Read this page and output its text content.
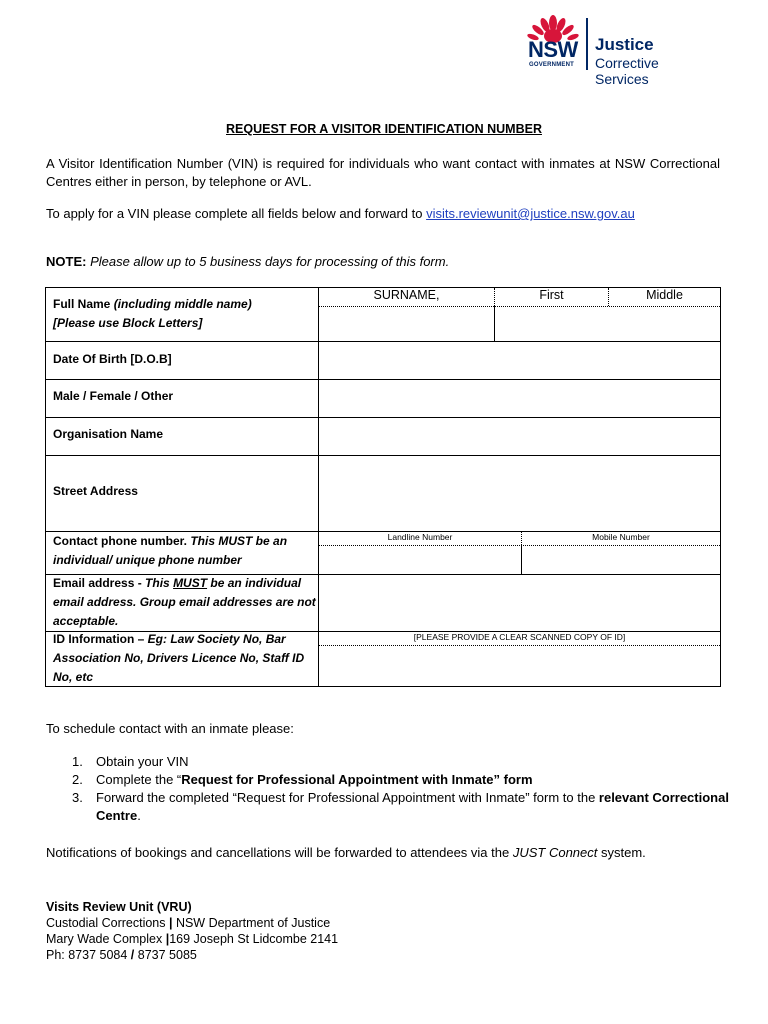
NSW
GOVERNMENT
Justice
Corrective Services
REQUEST FOR A VISITOR IDENTIFICATION NUMBER
A Visitor Identification Number (VIN) is required for individuals who want contact with inmates at NSW Correctional Centres either in person, by telephone or AVL.
To apply for a VIN please complete all fields below and forward to visits.reviewunit@justice.nsw.gov.au
NOTE: Please allow up to 5 business days for processing of this form.
Full Name (including middle name)
[Please use Block Letters]
SURNAME,	First	Middle
Date Of Birth [D.O.B]
Male / Female / Other
Organisation Name
Street Address
Contact phone number. This MUST be an individual/ unique phone number
Landline Number	Mobile Number
Email address - This MUST be an individual email address. Group email addresses are not acceptable.
ID Information – Eg: Law Society No, Bar Association No, Drivers Licence No, Staff ID No, etc
[PLEASE PROVIDE A CLEAR SCANNED COPY OF ID]
To schedule contact with an inmate please:
1. Obtain your VIN
2. Complete the “Request for Professional Appointment with Inmate” form
3. Forward the completed “Request for Professional Appointment with Inmate” form to the relevant Correctional Centre.
Notifications of bookings and cancellations will be forwarded to attendees via the JUST Connect system.
Visits Review Unit (VRU)
Custodial Corrections | NSW Department of Justice
Mary Wade Complex |169 Joseph St Lidcombe 2141
Ph: 8737 5084 / 8737 5085
